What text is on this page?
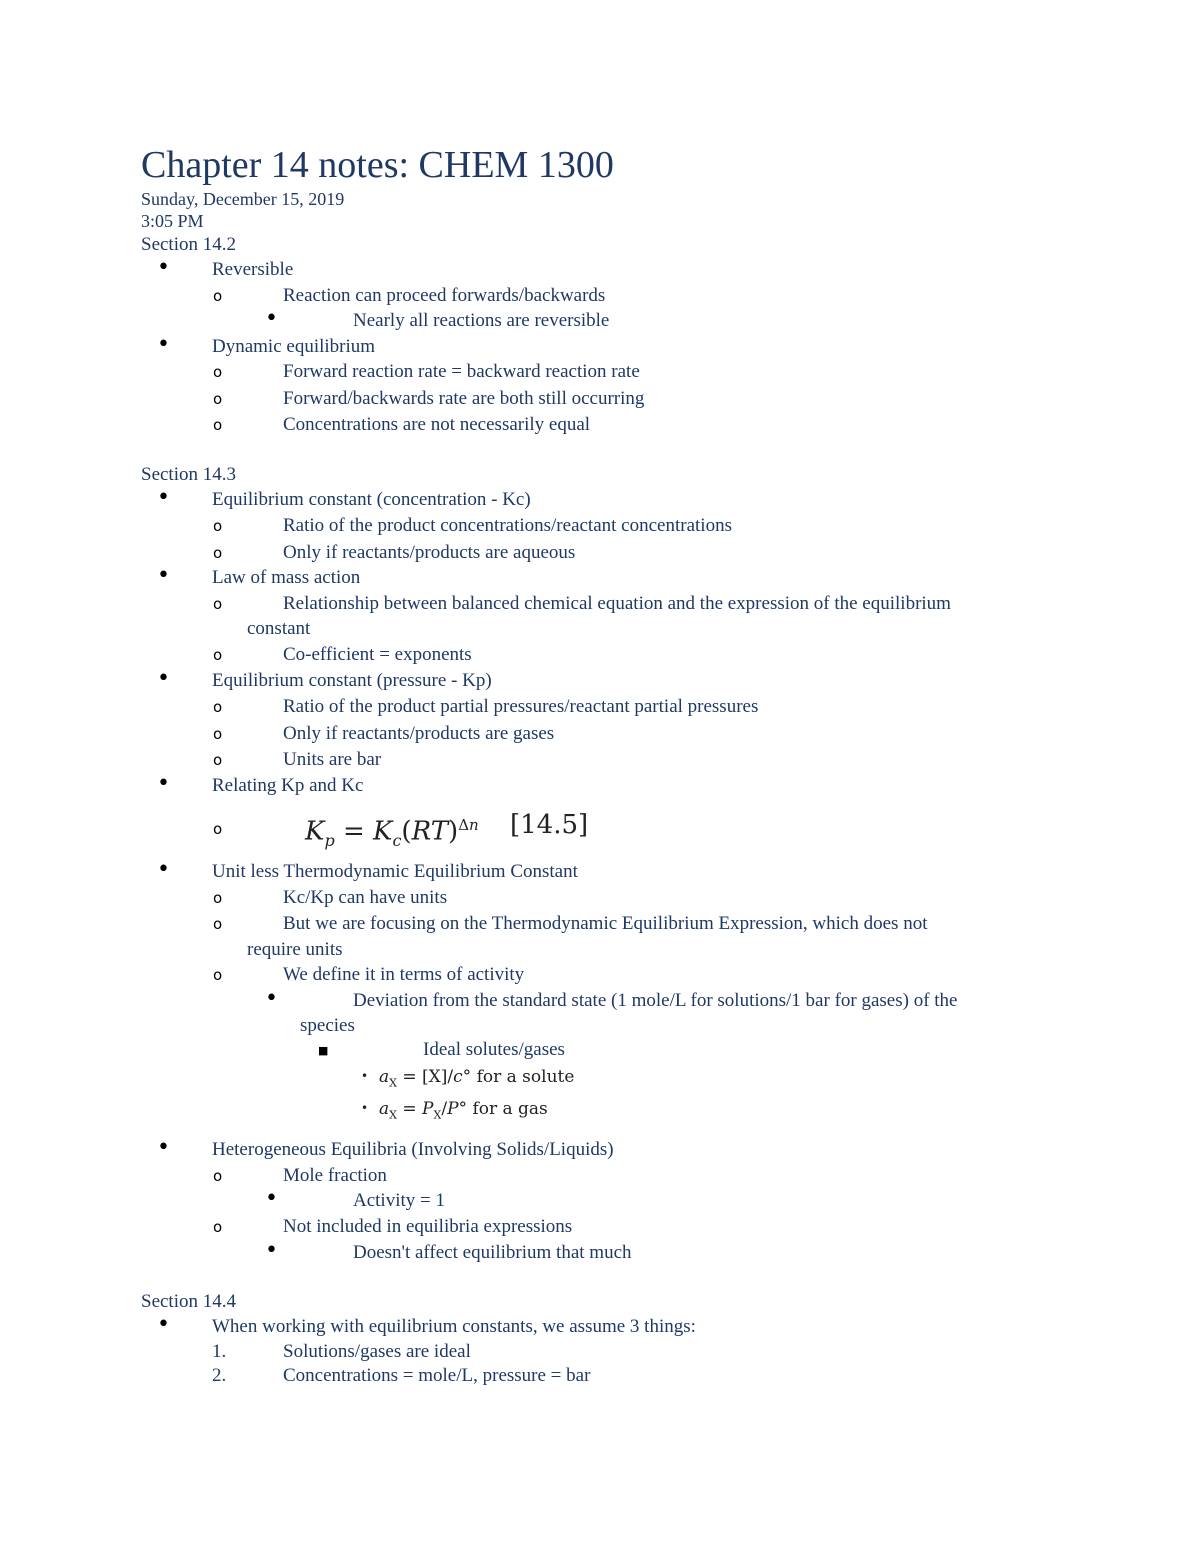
Chapter 14 notes: CHEM 1300
Sunday, December 15, 2019
3:05 PM
Section 14.2
• Reversible
o	Reaction can proceed forwards/backwards
•	Nearly all reactions are reversible
• Dynamic equilibrium
o	Forward reaction rate = backward reaction rate
o	Forward/backwards rate are both still occurring
o	Concentrations are not necessarily equal
Section 14.3
• Equilibrium constant (concentration - Kc)
o	Ratio of the product concentrations/reactant concentrations
o	Only if reactants/products are aqueous
• Law of mass action
o	Relationship between balanced chemical equation and the expression of the equilibrium
constant
o	Co-efficient = exponents
• Equilibrium constant (pressure - Kp)
o	Ratio of the product partial pressures/reactant partial pressures
o	Only if reactants/products are gases
o	Units are bar
• Relating Kp and Kc
o	$K_p = K_c(RT)^{\Delta n}$ [14.5]
• Unit less Thermodynamic Equilibrium Constant
o	Kc/Kp can have units
o	But we are focusing on the Thermodynamic Equilibrium Expression, which does not
require units
o	We define it in terms of activity
•	Deviation from the standard state (1 mole/L for solutions/1 bar for gases) of the
species
■	Ideal solutes/gases
• $a_X = [X]/c^\circ$ for a solute
• $a_X = P_X/P^\circ$ for a gas
• Heterogeneous Equilibria (Involving Solids/Liquids)
o	Mole fraction
•	Activity = 1
o	Not included in equilibria expressions
•	Doesn't affect equilibrium that much
Section 14.4
• When working with equilibrium constants, we assume 3 things:
1.	Solutions/gases are ideal
2.	Concentrations = mole/L, pressure = bar
